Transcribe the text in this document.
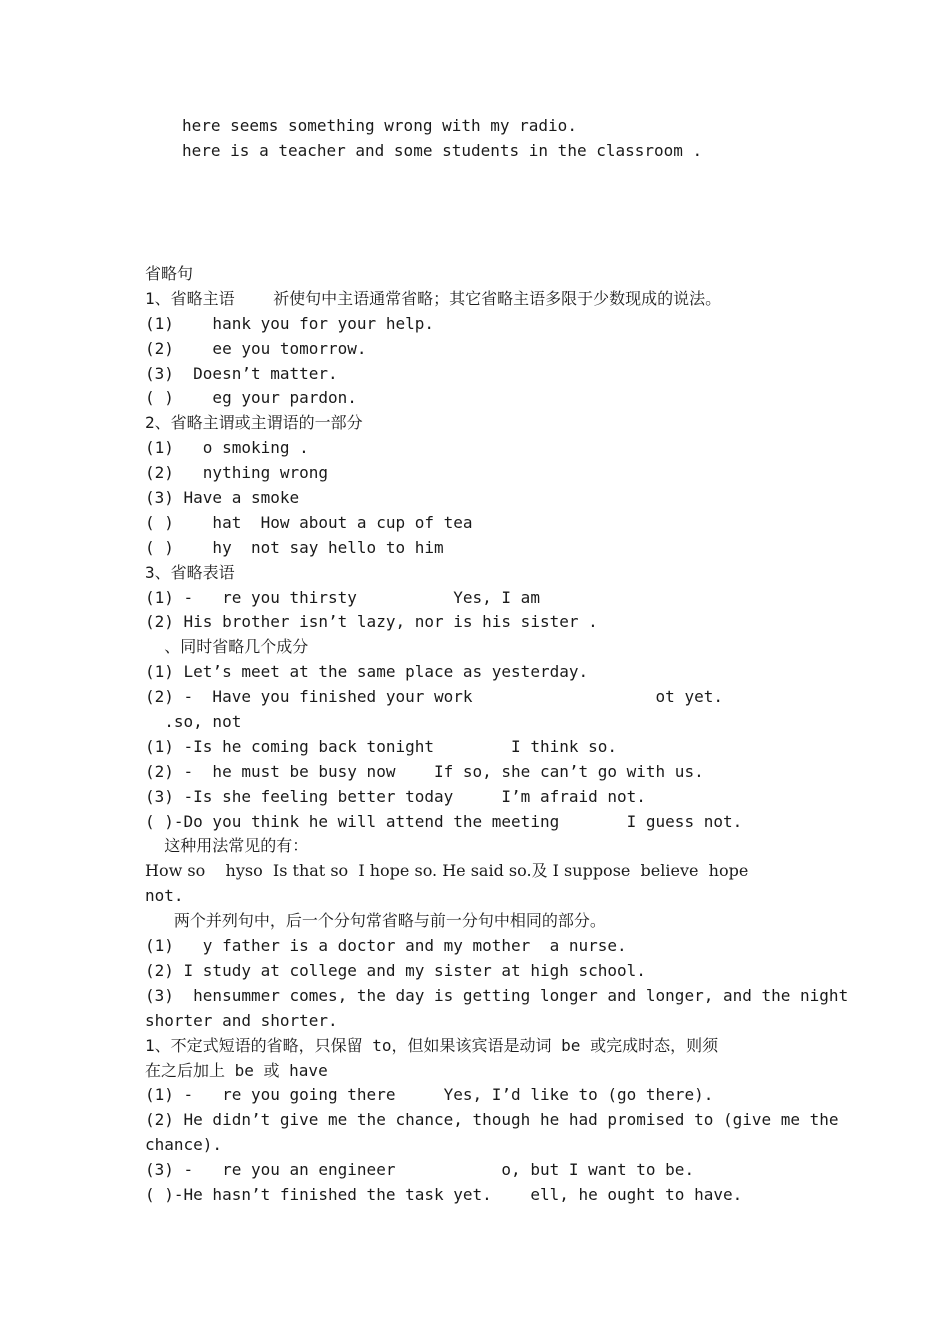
here seems something wrong with my radio.
here is a teacher and some students in the classroom .
省略句
1、省略主语    祈使句中主语通常省略；其它省略主语多限于少数现成的说法。
(1)    hank you for your help.
(2)    ee you tomorrow.
(3)  Doesn’t matter.
( )    eg your pardon.
2、省略主谓或主谓语的一部分
(1)   o smoking .
(2)   nything wrong
(3) Have a smoke
( )    hat  How about a cup of tea
( )    hy  not say hello to him
3、省略表语
(1) -   re you thirsty          Yes, I am
(2) His brother isn’t lazy, nor is his sister .
、同时省略几个成分
(1) Let’s meet at the same place as yesterday.
(2) -  Have you finished your work                   ot yet.
.so, not
(1) -Is he coming back tonight        I think so.
(2) -  he must be busy now    If so, she can’t go with us.
(3) -Is she feeling better today     I’m afraid not.
( )-Do you think he will attend the meeting       I guess not.
这种用法常见的有：
How so    hyso  Is that so  I hope so. He said so.及 I suppose  believe  hope
not.
两个并列句中，后一个分句常省略与前一分句中相同的部分。
(1)   y father is a doctor and my mother  a nurse.
(2) I study at college and my sister at high school.
(3)  hensummer comes, the day is getting longer and longer, and the night
shorter and shorter.
1、不定式短语的省略，只保留 to，但如果该宾语是动词 be 或完成时态，则须
在之后加上 be 或 have
(1) -   re you going there     Yes, I’d like to (go there).
(2) He didn’t give me the chance, though he had promised to (give me the
chance).
(3) -   re you an engineer           o, but I want to be.
( )-He hasn’t finished the task yet.    ell, he ought to have.
